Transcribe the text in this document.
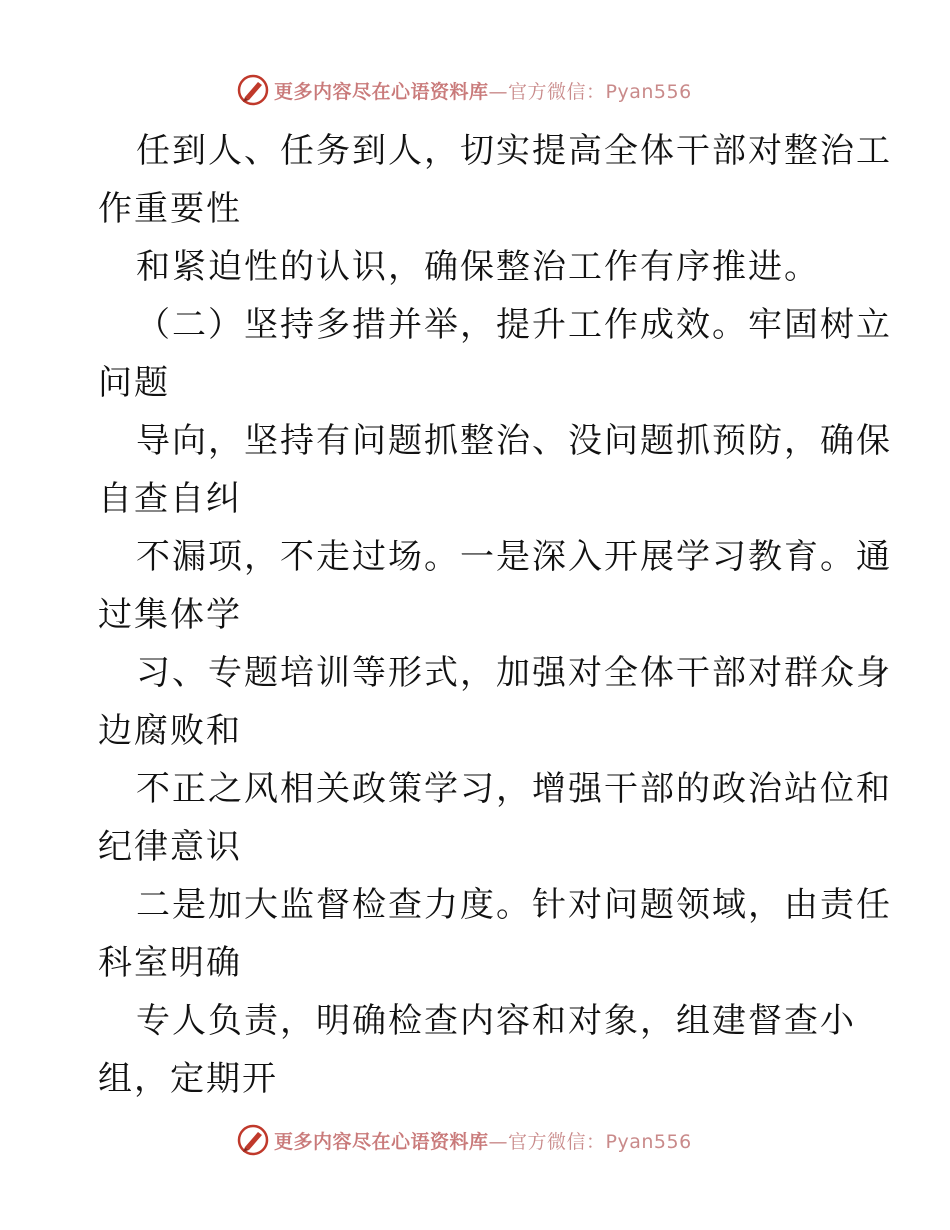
更多内容尽在心语资料库—官方微信：Pyan556
任到人、任务到人，切实提高全体干部对整治工
作重要性
和紧迫性的认识，确保整治工作有序推进。
（二）坚持多措并举，提升工作成效。牢固树立
问题
导向，坚持有问题抓整治、没问题抓预防，确保
自查自纠
不漏项，不走过场。一是深入开展学习教育。通
过集体学
习、专题培训等形式，加强对全体干部对群众身
边腐败和
不正之风相关政策学习，增强干部的政治站位和
纪律意识
二是加大监督检查力度。针对问题领域，由责任
科室明确
专人负责，明确检查内容和对象，组建督查小
组，定期开
更多内容尽在心语资料库—官方微信：Pyan556
